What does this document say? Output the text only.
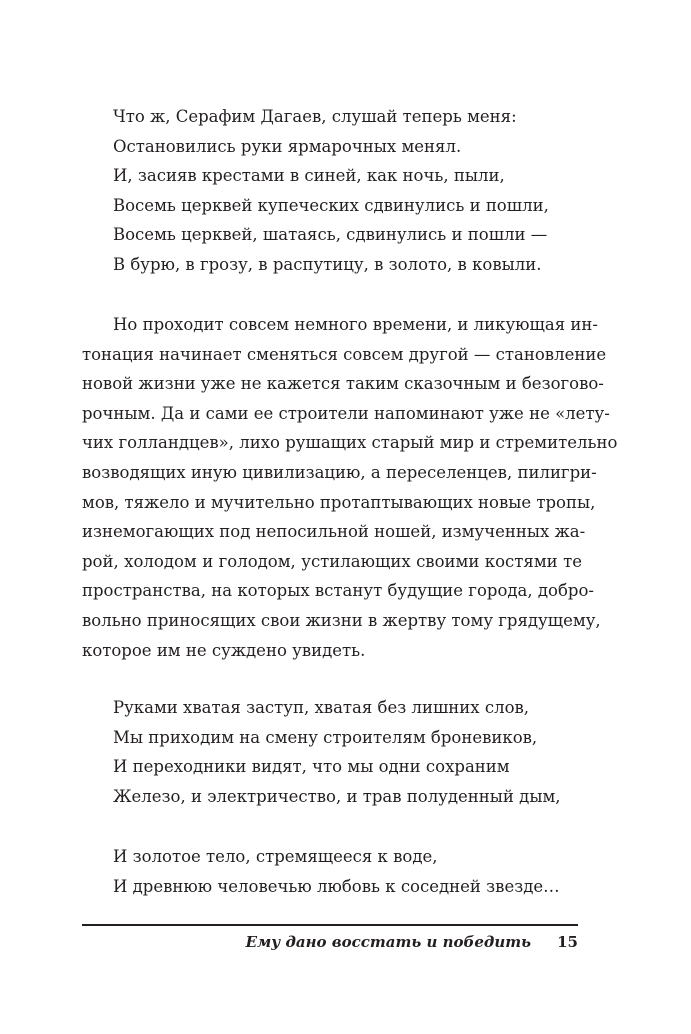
Что ж, Серафим Дагаев, слушай теперь меня:
Остановились руки ярмарочных менял.
И, засияв крестами в синей, как ночь, пыли,
Восемь церквей купеческих сдвинулись и пошли,
Восемь церквей, шатаясь, сдвинулись и пошли —
В бурю, в грозу, в распутицу, в золото, в ковыли.
Но проходит совсем немного времени, и ликующая ин-
тонация начинает сменяться совсем другой — становление
новой жизни уже не кажется таким сказочным и безогово-
рочным. Да и сами ее строители напоминают уже не «лету-
чих голландцев», лихо рушащих старый мир и стремительно
возводящих иную цивилизацию, а переселенцев, пилигри-
мов, тяжело и мучительно протаптывающих новые тропы,
изнемогающих под непосильной ношей, измученных жа-
рой, холодом и голодом, устилающих своими костями те
пространства, на которых встанут будущие города, добро-
вольно приносящих свои жизни в жертву тому грядущему,
которое им не суждено увидеть.
Руками хватая заступ, хватая без лишних слов,
Мы приходим на смену строителям броневиков,
И переходники видят, что мы одни сохраним
Железо, и электричество, и трав полуденный дым,
И золотое тело, стремящееся к воде,
И древнюю человечью любовь к соседней звезде…
Ему дано восстать и победить 15
